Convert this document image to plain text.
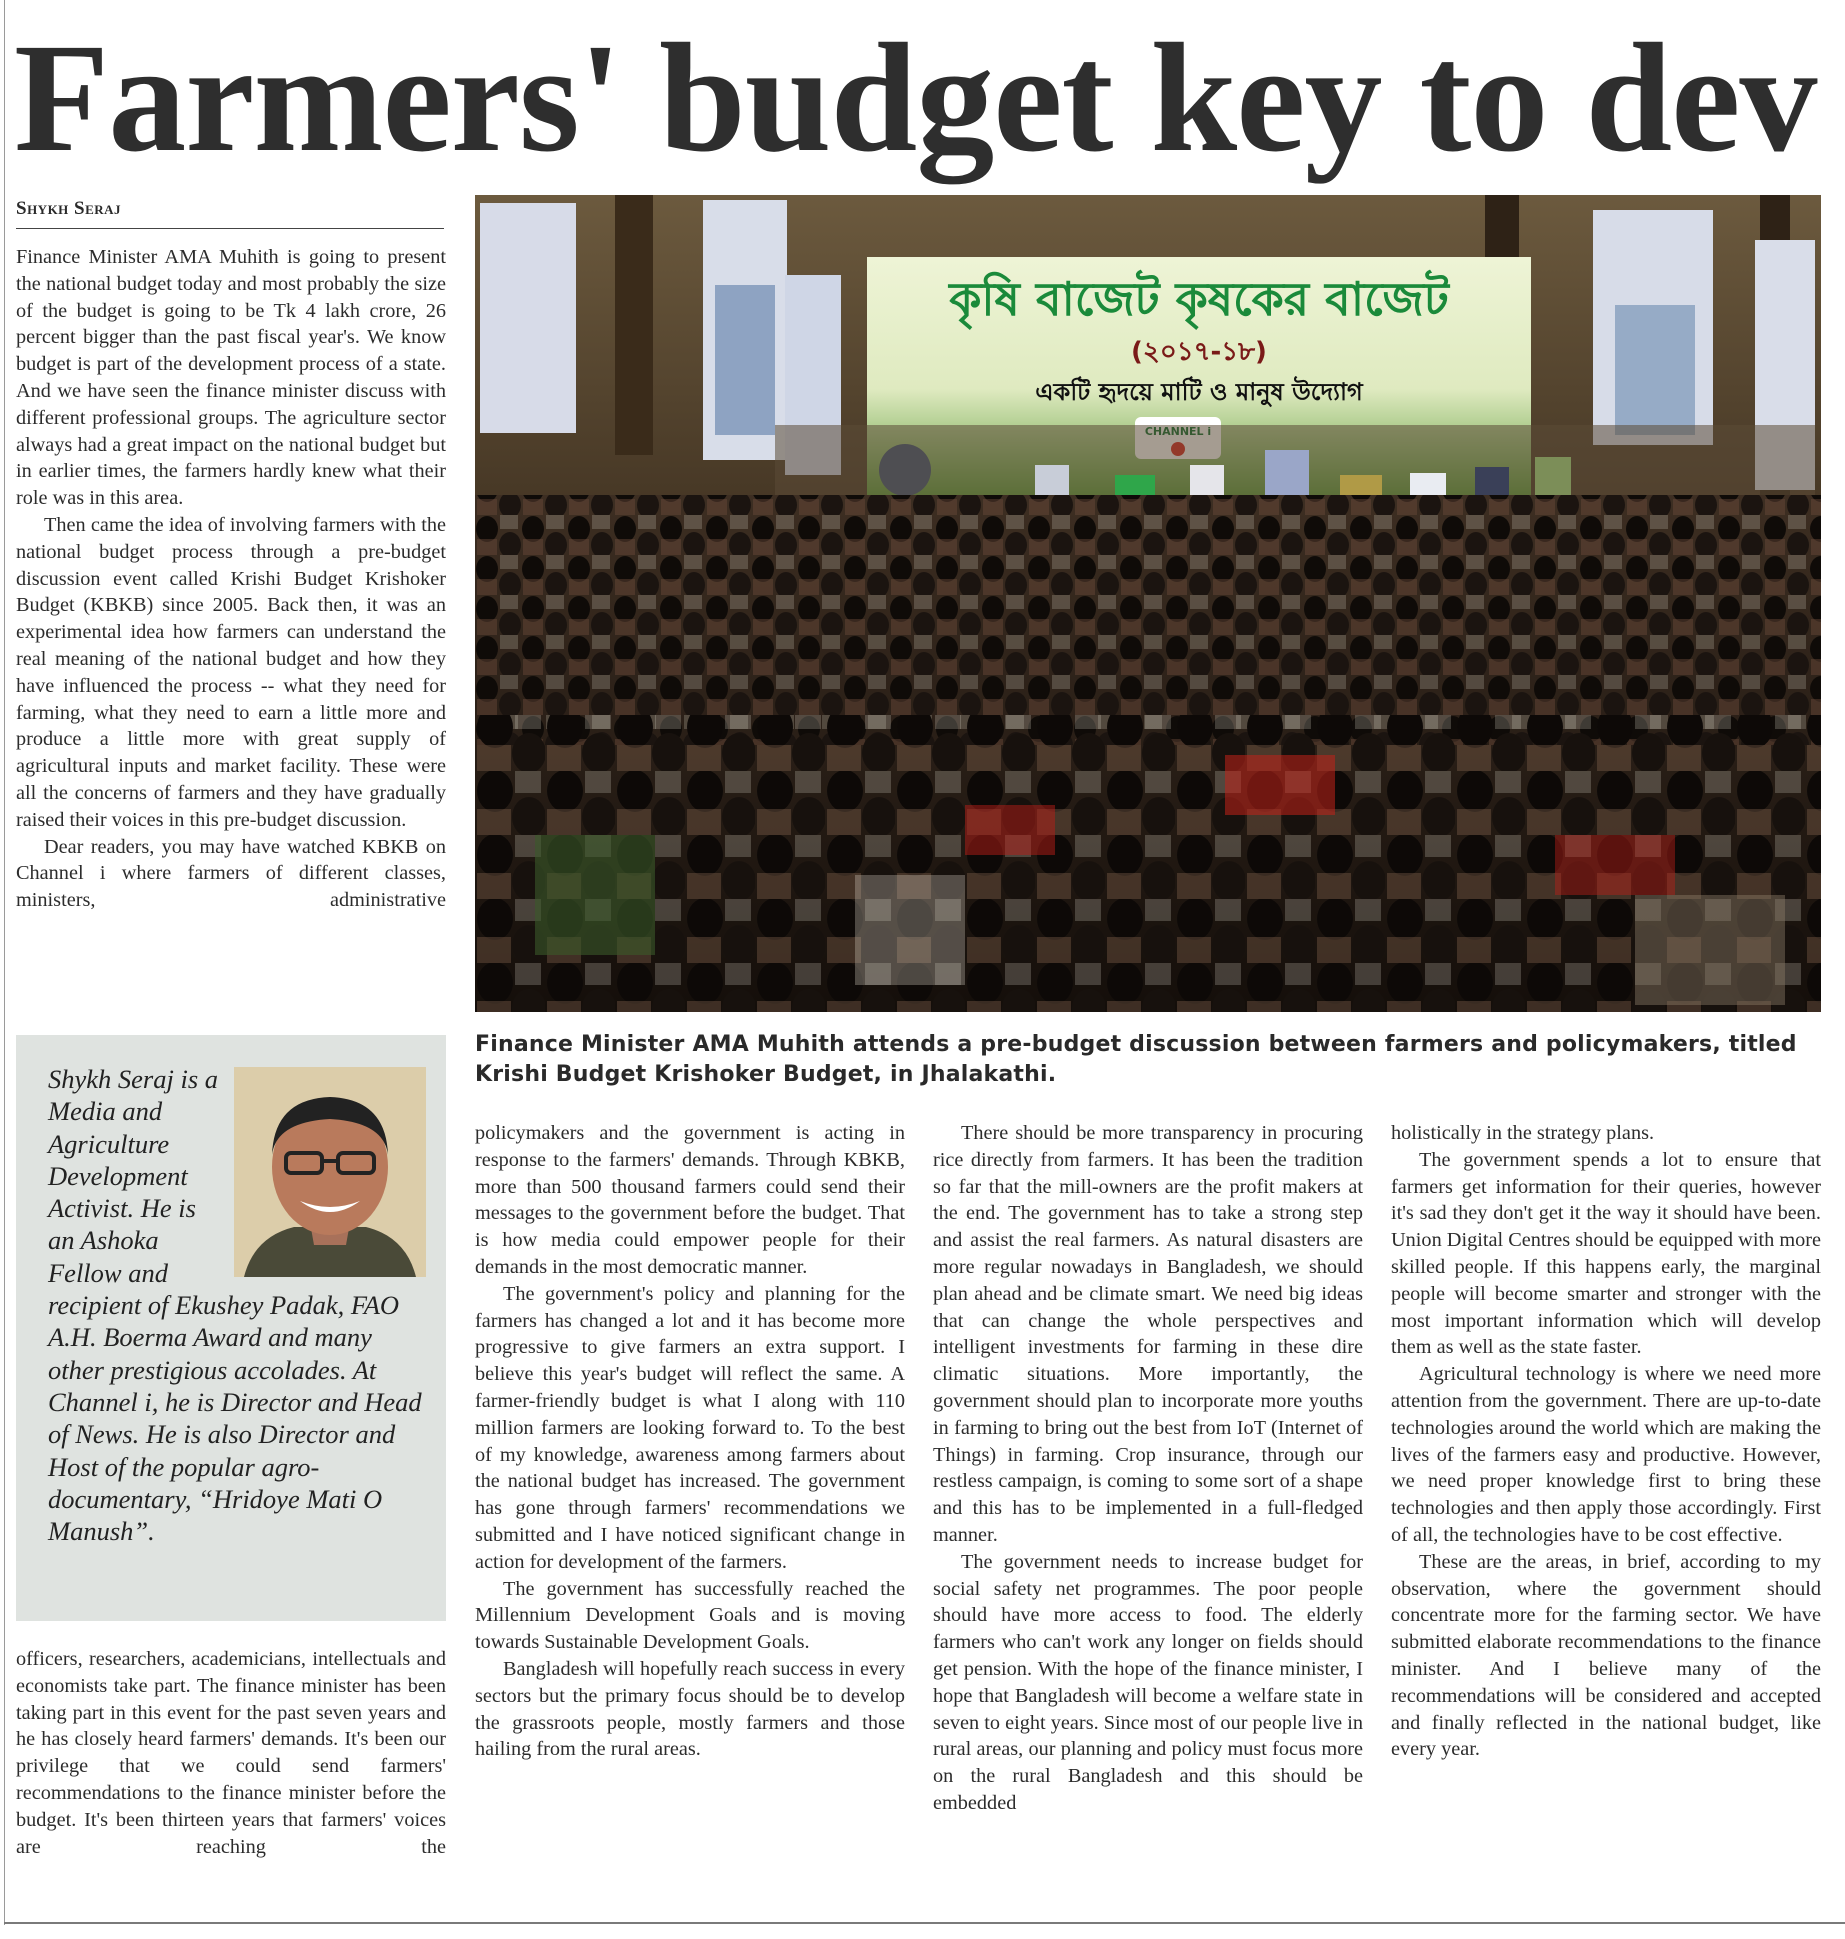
Farmers' budget key to dev
Shykh Seraj

Finance Minister AMA Muhith is going to present the national budget today and most probably the size of the budget is going to be Tk 4 lakh crore, 26 percent bigger than the past fiscal year's. We know budget is part of the development process of a state. And we have seen the finance minister discuss with different professional groups. The agriculture sector always had a great impact on the national budget but in earlier times, the farmers hardly knew what their role was in this area.

Then came the idea of involving farmers with the national budget process through a pre-budget discussion event called Krishi Budget Krishoker Budget (KBKB) since 2005. Back then, it was an experimental idea how farmers can understand the real meaning of the national budget and how they have influenced the process -- what they need for farming, what they need to earn a little more and produce a little more with great supply of agricultural inputs and market facility. These were all the concerns of farmers and they have gradually raised their voices in this pre-budget discussion.

Dear readers, you may have watched KBKB on Channel i where farmers of different classes, ministers, administrative

Shykh Seraj is a Media and Agriculture Development Activist. He is an Ashoka Fellow and recipient of Ekushey Padak, FAO A.H. Boerma Award and many other prestigious accolades. At Channel i, he is Director and Head of News. He is also Director and Host of the popular agro-documentary, “Hridoye Mati O Manush”.

officers, researchers, academicians, intellectuals and economists take part. The finance minister has been taking part in this event for the past seven years and he has closely heard farmers' demands. It's been our privilege that we could send farmers' recommendations to the finance minister before the budget. It's been thirteen years that farmers' voices are reaching the

কৃষি বাজেট কৃষকের বাজেট
(২০১৭-১৮)
একটি হৃদয়ে মাটি ও মানুষ উদ্যোগ
Finance Minister AMA Muhith attends a pre-budget discussion between farmers and policymakers, titled Krishi Budget Krishoker Budget, in Jhalakathi.

policymakers and the government is acting in response to the farmers' demands. Through KBKB, more than 500 thousand farmers could send their messages to the government before the budget. That is how media could empower people for their demands in the most democratic manner.

The government's policy and planning for the farmers has changed a lot and it has become more progressive to give farmers an extra support. I believe this year's budget will reflect the same. A farmer-friendly budget is what I along with 110 million farmers are looking forward to. To the best of my knowledge, awareness among farmers about the national budget has increased. The government has gone through farmers' recommendations we submitted and I have noticed significant change in action for development of the farmers.

The government has successfully reached the Millennium Development Goals and is moving towards Sustainable Development Goals.

Bangladesh will hopefully reach success in every sectors but the primary focus should be to develop the grassroots people, mostly farmers and those hailing from the rural areas.

There should be more transparency in procuring rice directly from farmers. It has been the tradition so far that the mill-owners are the profit makers at the end. The government has to take a strong step and assist the real farmers. As natural disasters are more regular nowadays in Bangladesh, we should plan ahead and be climate smart. We need big ideas that can change the whole perspectives and intelligent investments for farming in these dire climatic situations. More importantly, the government should plan to incorporate more youths in farming to bring out the best from IoT (Internet of Things) in farming. Crop insurance, through our restless campaign, is coming to some sort of a shape and this has to be implemented in a full-fledged manner.

The government needs to increase budget for social safety net programmes. The poor people should have more access to food. The elderly farmers who can't work any longer on fields should get pension. With the hope of the finance minister, I hope that Bangladesh will become a welfare state in seven to eight years. Since most of our people live in rural areas, our planning and policy must focus more on the rural Bangladesh and this should be embedded

holistically in the strategy plans.

The government spends a lot to ensure that farmers get information for their queries, however it's sad they don't get it the way it should have been. Union Digital Centres should be equipped with more skilled people. If this happens early, the marginal people will become smarter and stronger with the most important information which will develop them as well as the state faster.

Agricultural technology is where we need more attention from the government. There are up-to-date technologies around the world which are making the lives of the farmers easy and productive. However, we need proper knowledge first to bring these technologies and then apply those accordingly. First of all, the technologies have to be cost effective.

These are the areas, in brief, according to my observation, where the government should concentrate more for the farming sector. We have submitted elaborate recommendations to the finance minister. And I believe many of the recommendations will be considered and accepted and finally reflected in the national budget, like every year.
